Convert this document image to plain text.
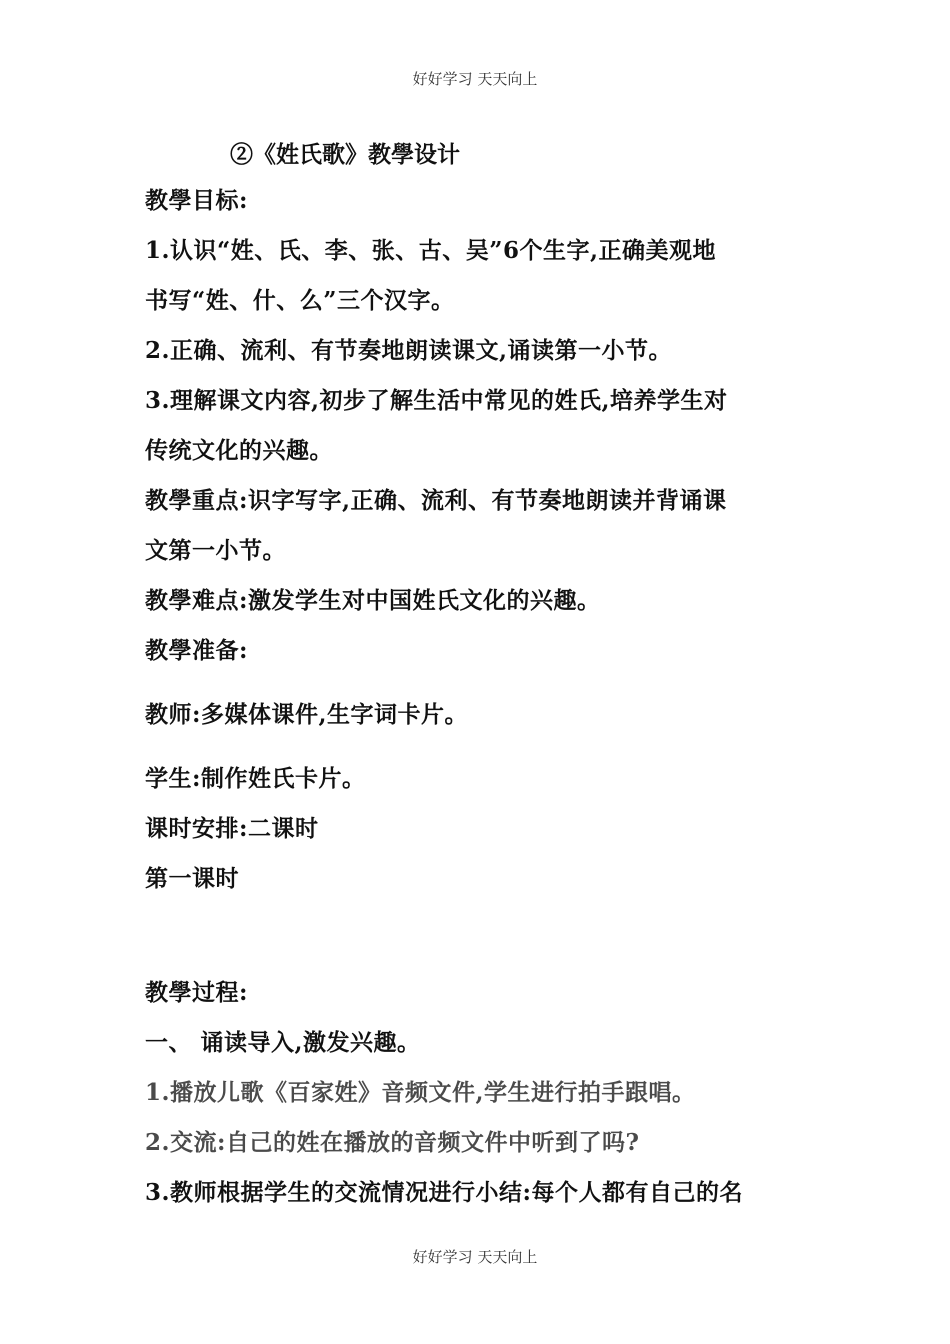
好好学习 天天向上
②《姓氏歌》教學设计
教學目标:
1.认识“姓、氏、李、张、古、吴”6个生字,正确美观地
书写“姓、什、么”三个汉字。
2.正确、流利、有节奏地朗读课文,诵读第一小节。
3.理解课文内容,初步了解生活中常见的姓氏,培养学生对
传统文化的兴趣。
教學重点:识字写字,正确、流利、有节奏地朗读并背诵课
文第一小节。
教學难点:激发学生对中国姓氏文化的兴趣。
教學准备:
教师:多媒体课件,生字词卡片。
学生:制作姓氏卡片。
课时安排:二课时
第一课时
教學过程:
一、 诵读导入,激发兴趣。
1.播放儿歌《百家姓》音频文件,学生进行拍手跟唱。
2.交流:自己的姓在播放的音频文件中听到了吗?
3.教师根据学生的交流情况进行小结:每个人都有自己的名
好好学习 天天向上
